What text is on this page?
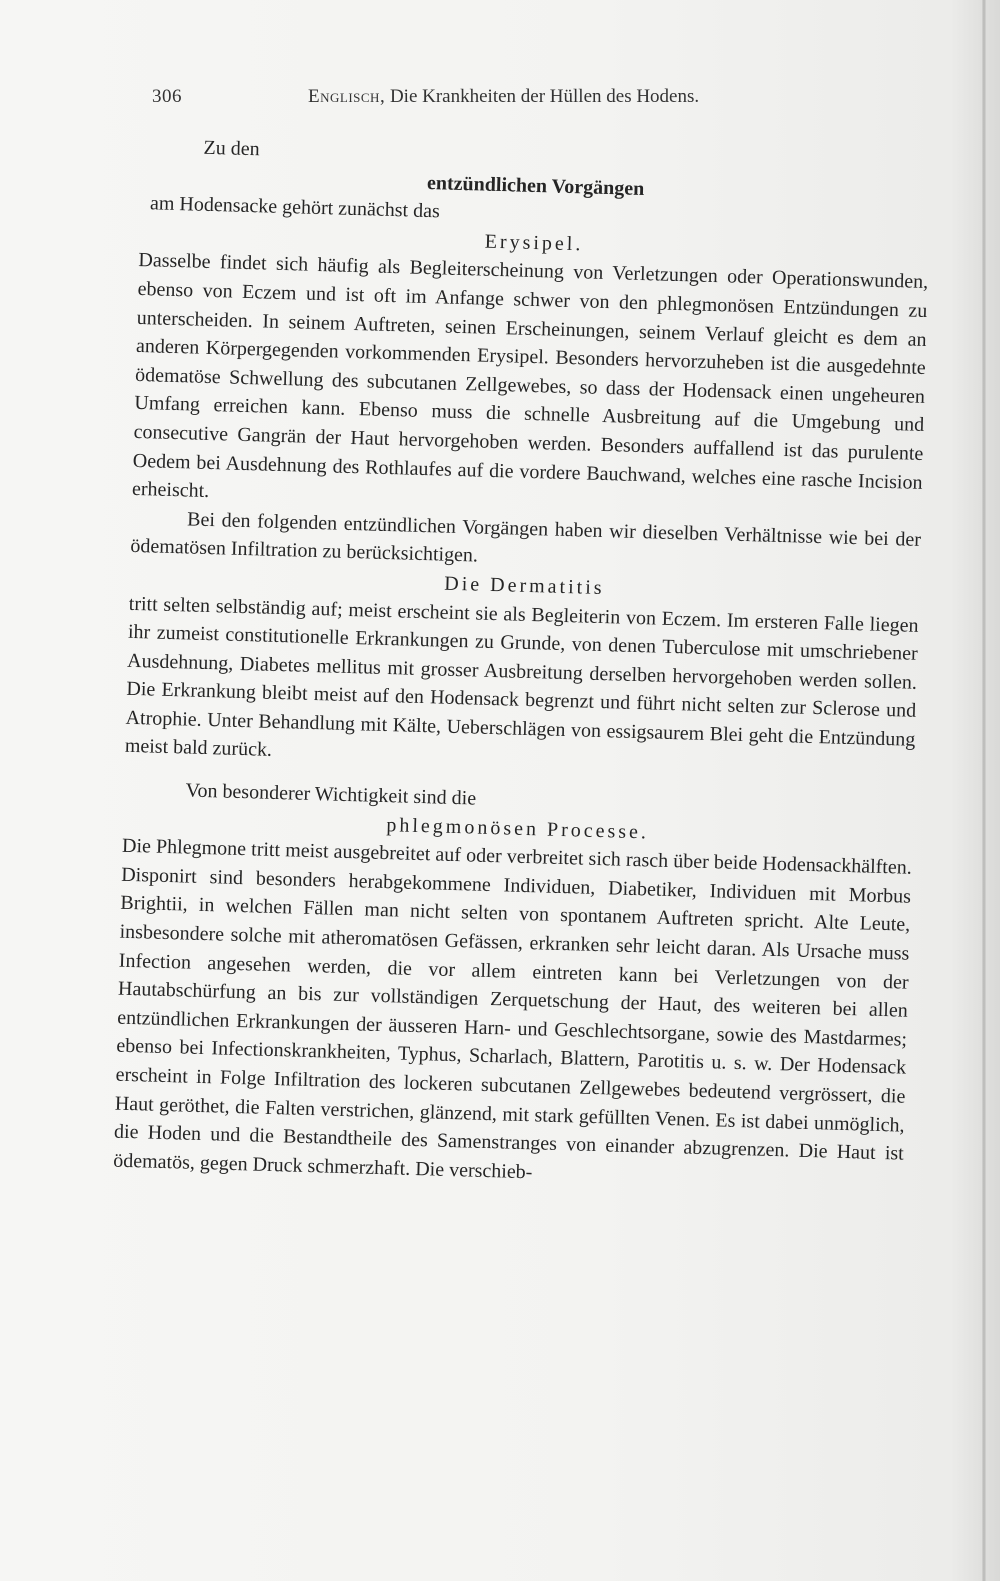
306	Englisch, Die Krankheiten der Hüllen des Hodens.

Zu den

entzündlichen Vorgängen

am Hodensacke gehört zunächst das

Erysipel.

Dasselbe findet sich häufig als Begleiterscheinung von Verletzungen oder Operationswunden, ebenso von Eczem und ist oft im Anfange schwer von den phlegmonösen Entzündungen zu unterscheiden. In seinem Auftreten, seinen Erscheinungen, seinem Verlauf gleicht es dem an anderen Körpergegenden vorkommenden Erysipel. Besonders hervorzuheben ist die ausgedehnte ödematöse Schwellung des subcutanen Zellgewebes, so dass der Hodensack einen ungeheuren Umfang erreichen kann. Ebenso muss die schnelle Ausbreitung auf die Umgebung und consecutive Gangrän der Haut hervorgehoben werden. Besonders auffallend ist das purulente Oedem bei Ausdehnung des Rothlaufes auf die vordere Bauchwand, welches eine rasche Incision erheischt.

Bei den folgenden entzündlichen Vorgängen haben wir dieselben Verhältnisse wie bei der ödematösen Infiltration zu berücksichtigen.

Die Dermatitis

tritt selten selbständig auf; meist erscheint sie als Begleiterin von Eczem. Im ersteren Falle liegen ihr zumeist constitutionelle Erkrankungen zu Grunde, von denen Tuberculose mit umschriebener Ausdehnung, Diabetes mellitus mit grosser Ausbreitung derselben hervorgehoben werden sollen. Die Erkrankung bleibt meist auf den Hodensack begrenzt und führt nicht selten zur Sclerose und Atrophie. Unter Behandlung mit Kälte, Ueberschlägen von essigsaurem Blei geht die Entzündung meist bald zurück.

Von besonderer Wichtigkeit sind die

phlegmonösen Processe.

Die Phlegmone tritt meist ausgebreitet auf oder verbreitet sich rasch über beide Hodensackhälften. Disponirt sind besonders herabgekommene Individuen, Diabetiker, Individuen mit Morbus Brightii, in welchen Fällen man nicht selten von spontanem Auftreten spricht. Alte Leute, insbesondere solche mit atheromatösen Gefässen, erkranken sehr leicht daran. Als Ursache muss Infection angesehen werden, die vor allem eintreten kann bei Verletzungen von der Hautabschürfung an bis zur vollständigen Zerquetschung der Haut, des weiteren bei allen entzündlichen Erkrankungen der äusseren Harn- und Geschlechtsorgane, sowie des Mastdarmes; ebenso bei Infectionskrankheiten, Typhus, Scharlach, Blattern, Parotitis u. s. w. Der Hodensack erscheint in Folge Infiltration des lockeren subcutanen Zellgewebes bedeutend vergrössert, die Haut geröthet, die Falten verstrichen, glänzend, mit stark gefüllten Venen. Es ist dabei unmöglich, die Hoden und die Bestandtheile des Samenstranges von einander abzugrenzen. Die Haut ist ödematös, gegen Druck schmerzhaft. Die verschieb-
